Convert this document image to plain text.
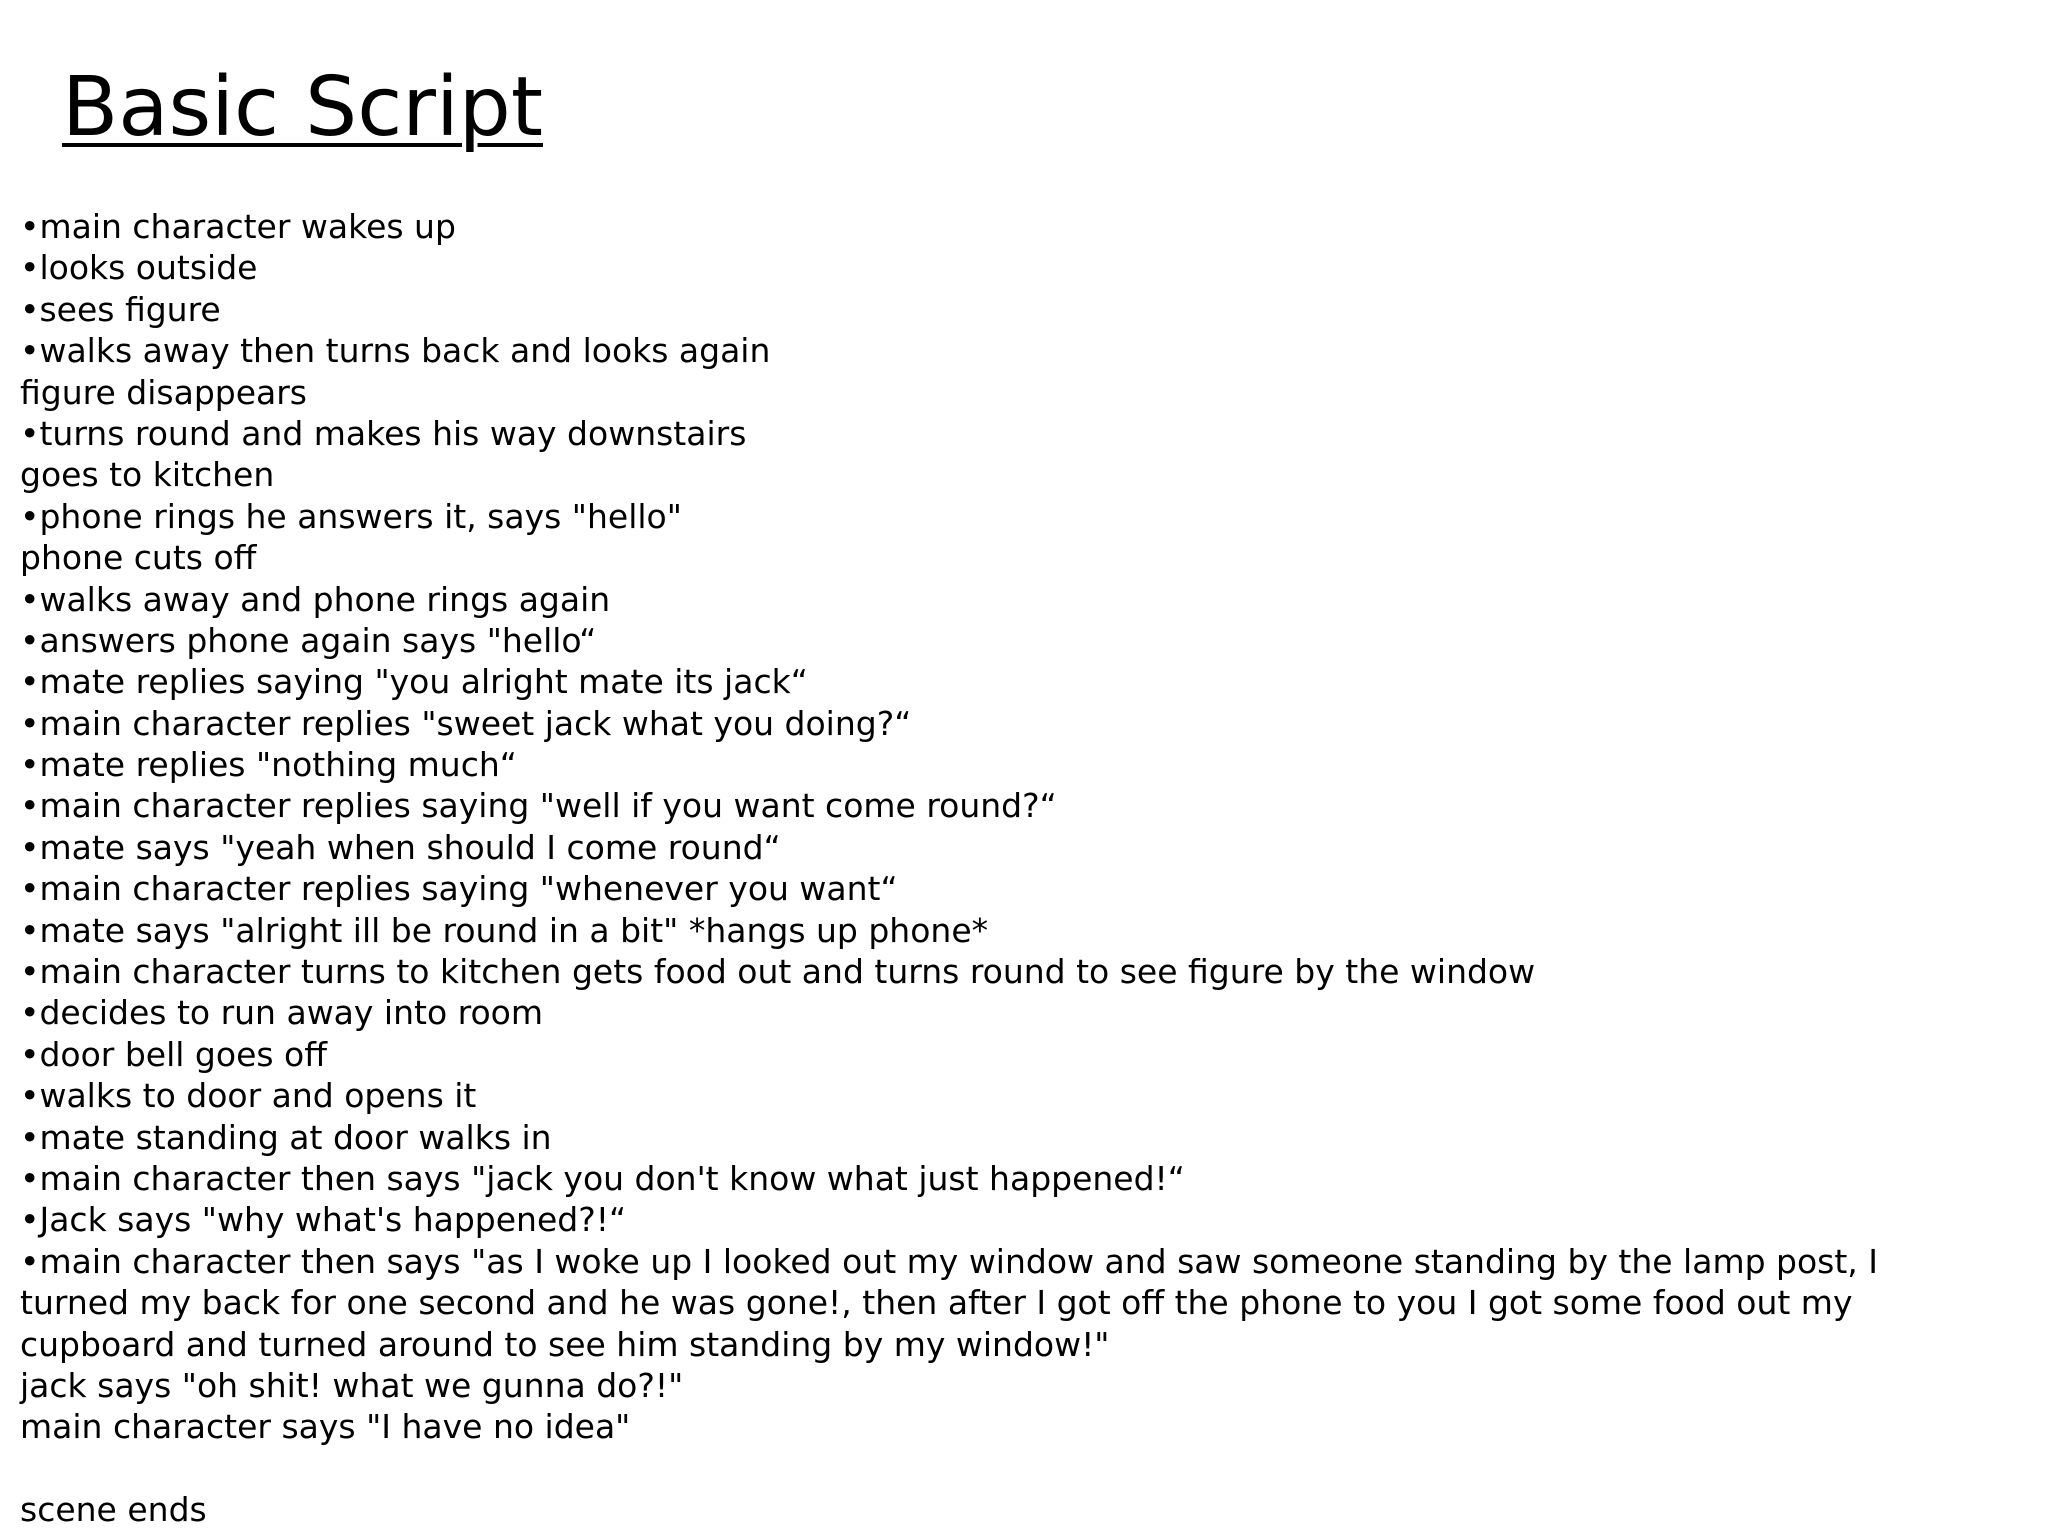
Basic Script
•main character wakes up
•looks outside
•sees figure
•walks away then turns back and looks again
figure disappears
•turns round and makes his way downstairs
goes to kitchen
•phone rings he answers it, says "hello"
phone cuts off
•walks away and phone rings again
•answers phone again says "hello“
•mate replies saying "you alright mate its jack“
•main character replies "sweet jack what you doing?“
•mate replies "nothing much“
•main character replies saying "well if you want come round?“
•mate says "yeah when should I come round“
•main character replies saying "whenever you want“
•mate says "alright ill be round in a bit" *hangs up phone*
•main character turns to kitchen gets food out and turns round to see figure by the window
•decides to run away into room
•door bell goes off
•walks to door and opens it
•mate standing at door walks in
•main character then says "jack you don't know what just happened!“
•Jack says "why what's happened?!“
•main character then says "as I woke up I looked out my window and saw someone standing by the lamp post, I
turned my back for one second and he was gone!, then after I got off the phone to you I got some food out my
cupboard and turned around to see him standing by my window!"
jack says "oh shit! what we gunna do?!"
main character says "I have no idea"
scene ends
